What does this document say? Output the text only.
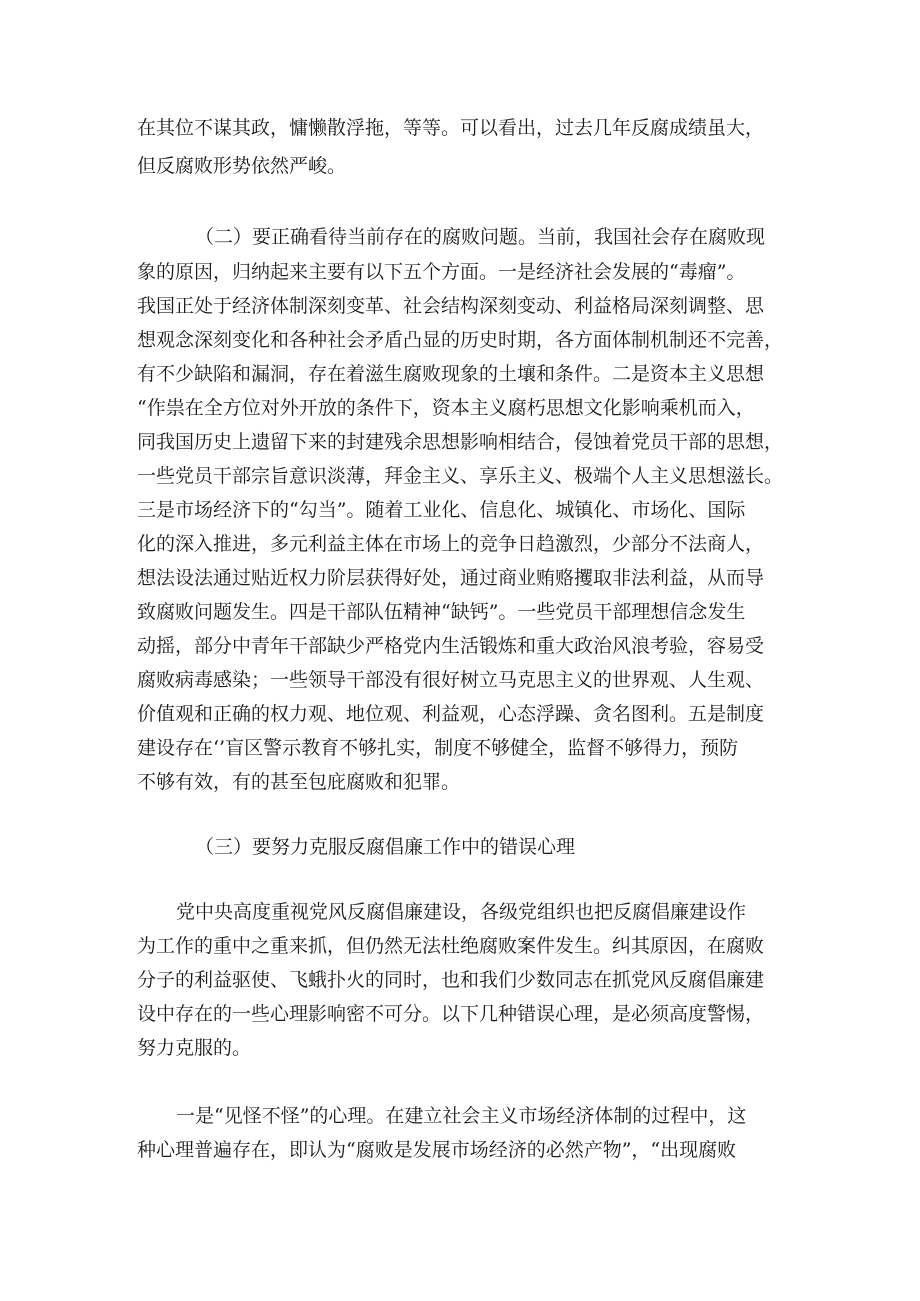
在其位不谋其政，慵懒散浮拖，等等。可以看出，过去几年反腐成绩虽大，

但反腐败形势依然严峻。

（二）要正确看待当前存在的腐败问题。当前，我国社会存在腐败现

象的原因，归纳起来主要有以下五个方面。一是经济社会发展的“毒瘤”。

我国正处于经济体制深刻变革、社会结构深刻变动、利益格局深刻调整、思

想观念深刻变化和各种社会矛盾凸显的历史时期，各方面体制机制还不完善，

有不少缺陷和漏洞，存在着滋生腐败现象的土壤和条件。二是资本主义思想

“作祟在全方位对外开放的条件下，资本主义腐朽思想文化影响乘机而入，

同我国历史上遗留下来的封建残余思想影响相结合，侵蚀着党员干部的思想，

一些党员干部宗旨意识淡薄，拜金主义、享乐主义、极端个人主义思想滋长。

三是市场经济下的“勾当”。随着工业化、信息化、城镇化、市场化、国际

化的深入推进，多元利益主体在市场上的竞争日趋激烈，少部分不法商人，

想法设法通过贴近权力阶层获得好处，通过商业贿赂攫取非法利益，从而导

致腐败问题发生。四是干部队伍精神“缺钙”。一些党员干部理想信念发生

动摇，部分中青年干部缺少严格党内生活锻炼和重大政治风浪考验，容易受

腐败病毒感染；一些领导干部没有很好树立马克思主义的世界观、人生观、

价值观和正确的权力观、地位观、利益观，心态浮躁、贪名图利。五是制度

建设存在‘’盲区警示教育不够扎实，制度不够健全，监督不够得力，预防

不够有效，有的甚至包庇腐败和犯罪。

（三）要努力克服反腐倡廉工作中的错误心理

党中央高度重视党风反腐倡廉建设，各级党组织也把反腐倡廉建设作

为工作的重中之重来抓，但仍然无法杜绝腐败案件发生。纠其原因，在腐败

分子的利益驱使、飞蛾扑火的同时，也和我们少数同志在抓党风反腐倡廉建

设中存在的一些心理影响密不可分。以下几种错误心理，是必须高度警惕，

努力克服的。

一是“见怪不怪”的心理。在建立社会主义市场经济体制的过程中，这

种心理普遍存在，即认为“腐败是发展市场经济的必然产物”，“出现腐败
